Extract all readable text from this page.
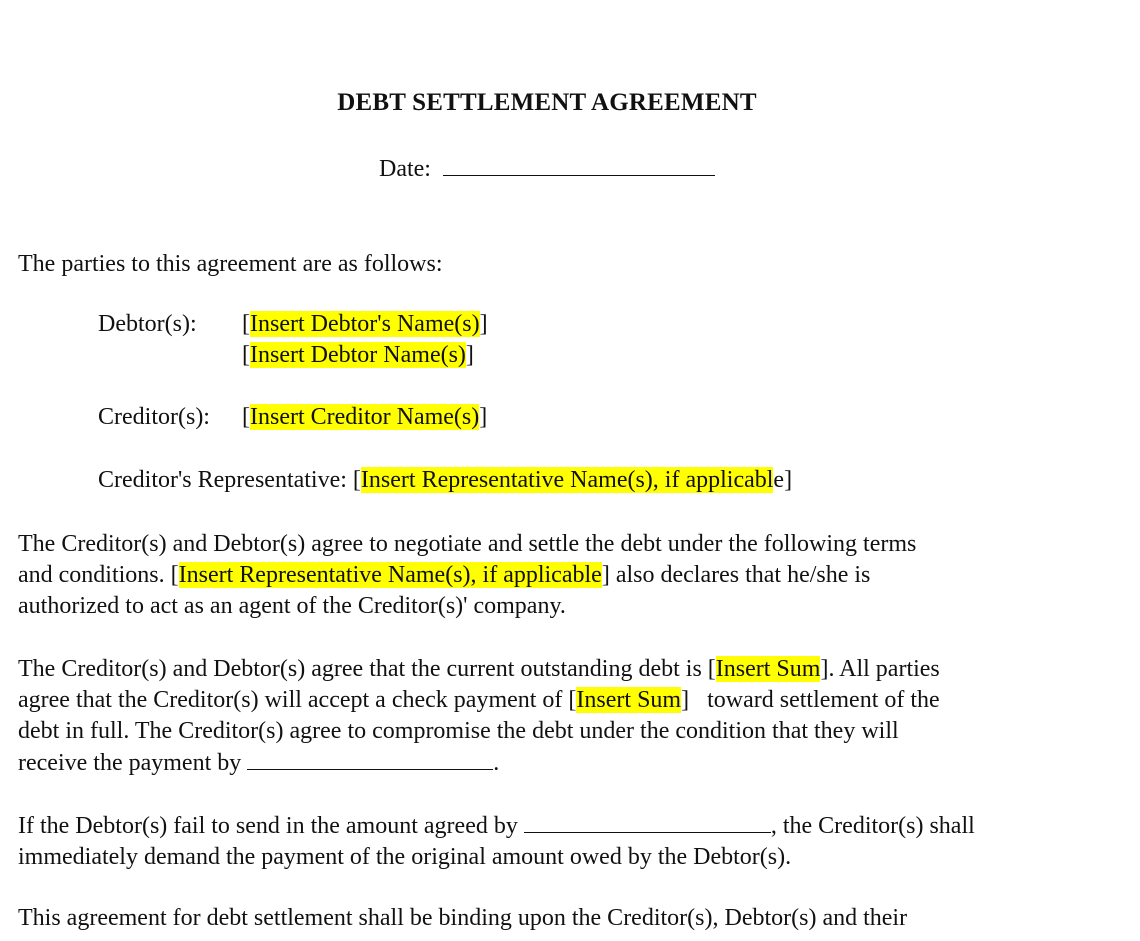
DEBT SETTLEMENT AGREEMENT
Date:
The parties to this agreement are as follows:
Debtor(s): [Insert Debtor's Name(s)]
[Insert Debtor Name(s)]
Creditor(s): [Insert Creditor Name(s)]
Creditor's Representative: [Insert Representative Name(s), if applicable]
The Creditor(s) and Debtor(s) agree to negotiate and settle the debt under the following terms
and conditions. [Insert Representative Name(s), if applicable] also declares that he/she is
authorized to act as an agent of the Creditor(s)' company.
The Creditor(s) and Debtor(s) agree that the current outstanding debt is [Insert Sum]. All parties
agree that the Creditor(s) will accept a check payment of [Insert Sum]   toward settlement of the
debt in full. The Creditor(s) agree to compromise the debt under the condition that they will
receive the payment by	.
If the Debtor(s) fail to send in the amount agreed by	, the Creditor(s) shall
immediately demand the payment of the original amount owed by the Debtor(s).
This agreement for debt settlement shall be binding upon the Creditor(s), Debtor(s) and their
